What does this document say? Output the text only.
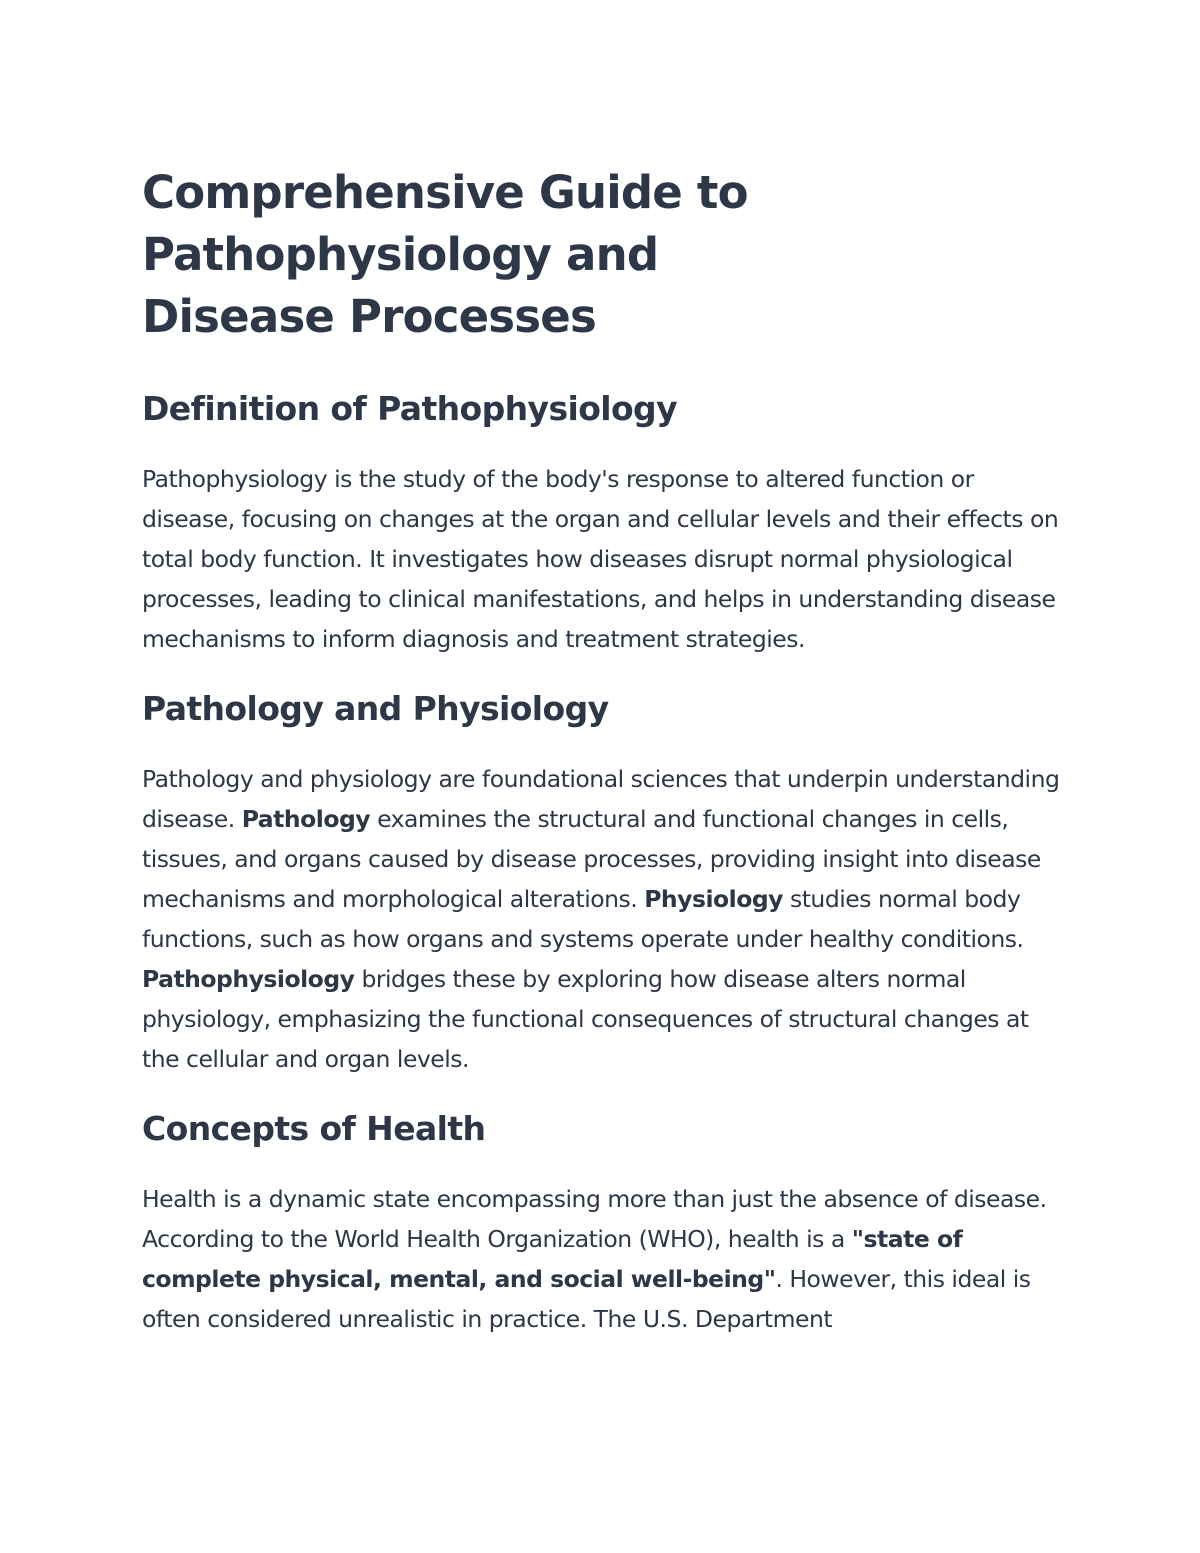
Comprehensive Guide to Pathophysiology and Disease Processes
Definition of Pathophysiology

Pathophysiology is the study of the body's response to altered function or disease, focusing on changes at the organ and cellular levels and their effects on total body function. It investigates how diseases disrupt normal physiological processes, leading to clinical manifestations, and helps in understanding disease mechanisms to inform diagnosis and treatment strategies.

Pathology and Physiology

Pathology and physiology are foundational sciences that underpin understanding disease. Pathology examines the structural and functional changes in cells, tissues, and organs caused by disease processes, providing insight into disease mechanisms and morphological alterations. Physiology studies normal body functions, such as how organs and systems operate under healthy conditions. Pathophysiology bridges these by exploring how disease alters normal physiology, emphasizing the functional consequences of structural changes at the cellular and organ levels.

Concepts of Health

Health is a dynamic state encompassing more than just the absence of disease. According to the World Health Organization (WHO), health is a "state of complete physical, mental, and social well-being". However, this ideal is often considered unrealistic in practice. The U.S. Department
